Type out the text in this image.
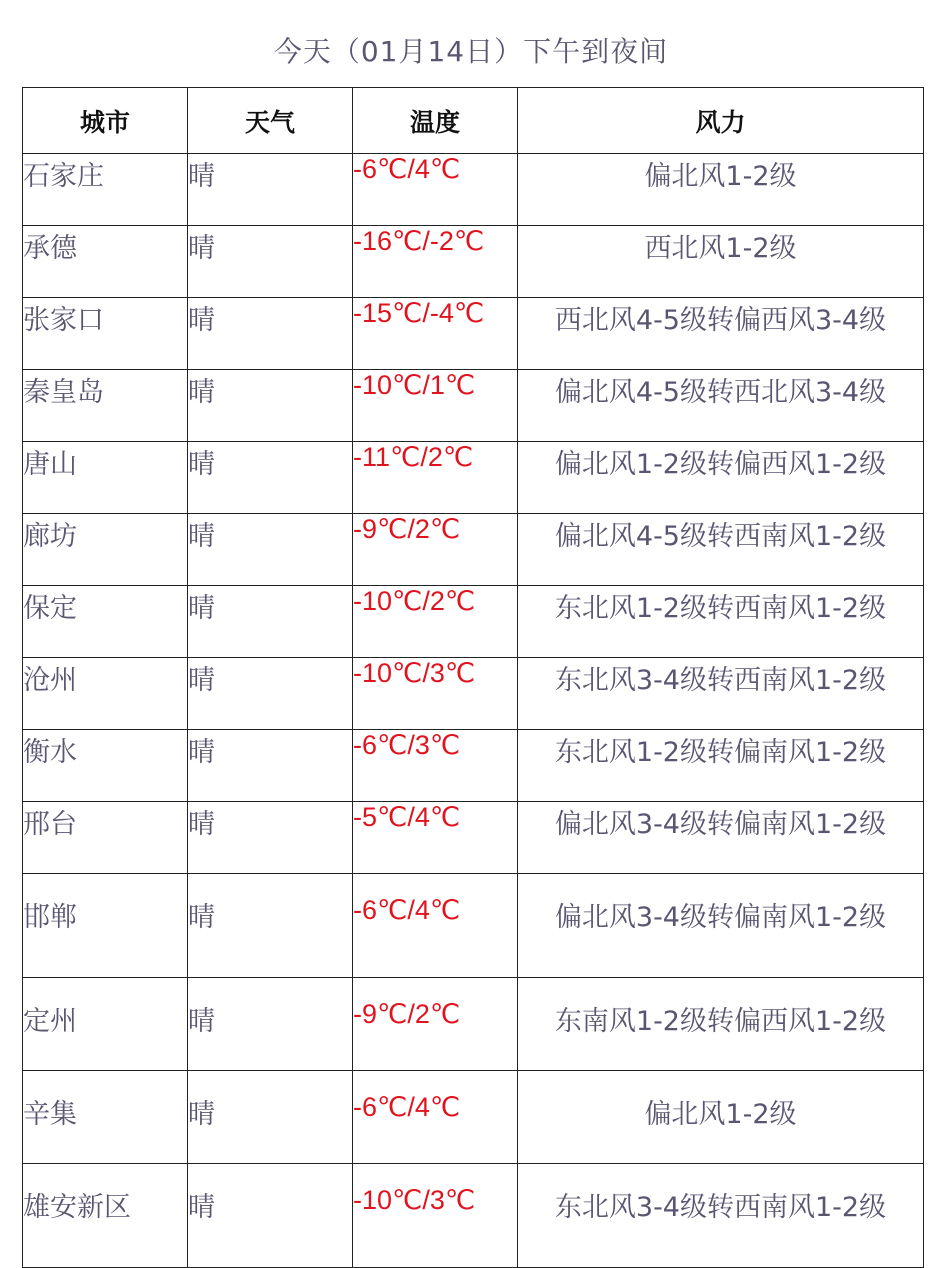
今天（01月14日）下午到夜间
城市	天气	温度	风力
石家庄	晴	-6℃/4℃	偏北风1-2级
承德	晴	-16℃/-2℃	西北风1-2级
张家口	晴	-15℃/-4℃	西北风4-5级转偏西风3-4级
秦皇岛	晴	-10℃/1℃	偏北风4-5级转西北风3-4级
唐山	晴	-11℃/2℃	偏北风1-2级转偏西风1-2级
廊坊	晴	-9℃/2℃	偏北风4-5级转西南风1-2级
保定	晴	-10℃/2℃	东北风1-2级转西南风1-2级
沧州	晴	-10℃/3℃	东北风3-4级转西南风1-2级
衡水	晴	-6℃/3℃	东北风1-2级转偏南风1-2级
邢台	晴	-5℃/4℃	偏北风3-4级转偏南风1-2级
邯郸	晴	-6℃/4℃	偏北风3-4级转偏南风1-2级
定州	晴	-9℃/2℃	东南风1-2级转偏西风1-2级
辛集	晴	-6℃/4℃	偏北风1-2级
雄安新区	晴	-10℃/3℃	东北风3-4级转西南风1-2级
